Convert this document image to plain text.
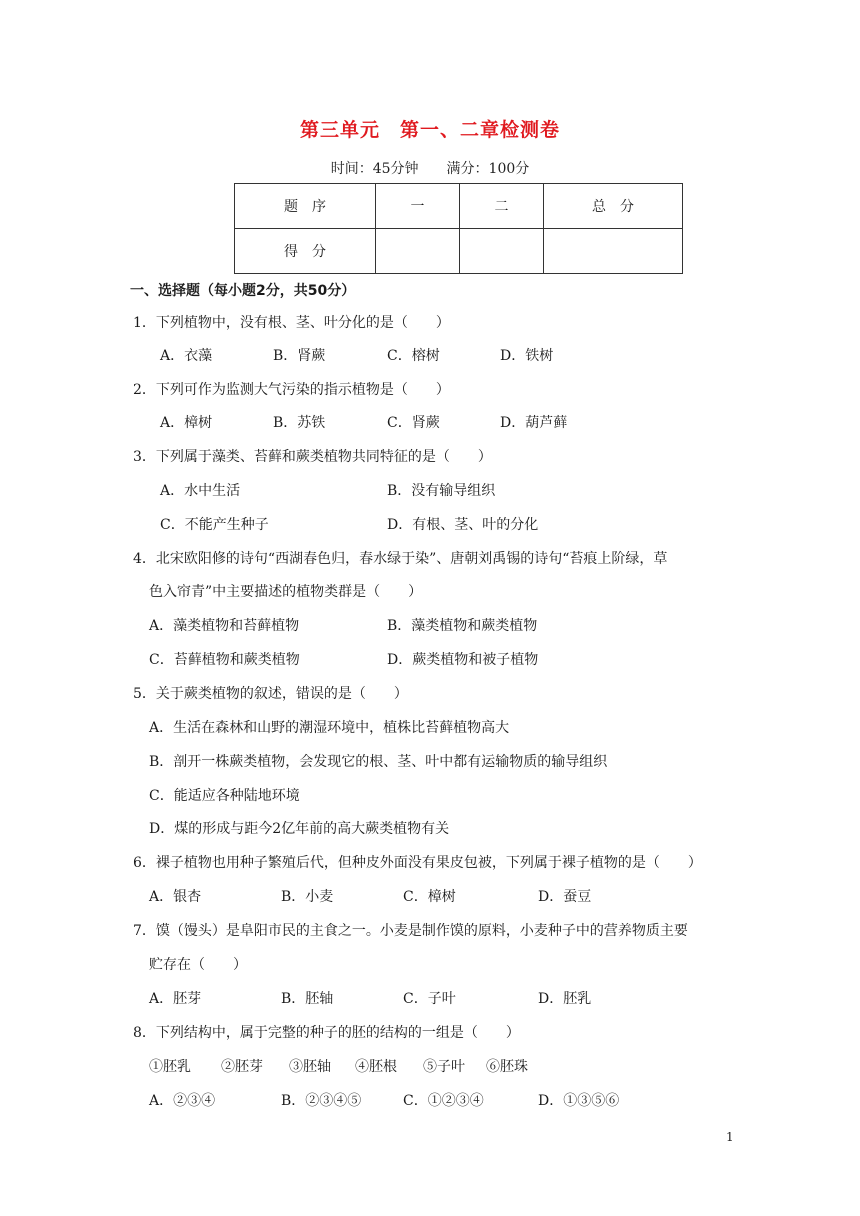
第三单元　第一、二章检测卷
时间：45分钟　　满分：100分
题　序	一	二	总　分
得　分			
一、选择题（每小题2分，共50分）
1．下列植物中，没有根、茎、叶分化的是（　　）
A．衣藻	B．肾蕨	C．榕树	D．铁树
2．下列可作为监测大气污染的指示植物是（　　）
A．樟树	B．苏铁	C．肾蕨	D．葫芦藓
3．下列属于藻类、苔藓和蕨类植物共同特征的是（　　）
A．水中生活	B．没有输导组织
C．不能产生种子	D．有根、茎、叶的分化
4．北宋欧阳修的诗句“西湖春色归，春水绿于染”、唐朝刘禹锡的诗句“苔痕上阶绿，草
色入帘青”中主要描述的植物类群是（　　）
A．藻类植物和苔藓植物	B．藻类植物和蕨类植物
C．苔藓植物和蕨类植物	D．蕨类植物和被子植物
5．关于蕨类植物的叙述，错误的是（　　）
A．生活在森林和山野的潮湿环境中，植株比苔藓植物高大
B．剖开一株蕨类植物，会发现它的根、茎、叶中都有运输物质的输导组织
C．能适应各种陆地环境
D．煤的形成与距今2亿年前的高大蕨类植物有关
6．裸子植物也用种子繁殖后代，但种皮外面没有果皮包被，下列属于裸子植物的是（　　）
A．银杏	B．小麦	C．樟树	D．蚕豆
7．馍（馒头）是阜阳市民的主食之一。小麦是制作馍的原料，小麦种子中的营养物质主要
贮存在（　　）
A．胚芽	B．胚轴	C．子叶	D．胚乳
8．下列结构中，属于完整的种子的胚的结构的一组是（　　）
①胚乳 ②胚芽 ③胚轴 ④胚根 ⑤子叶 ⑥胚珠
A．②③④	B．②③④⑤	C．①②③④	D．①③⑤⑥
1
